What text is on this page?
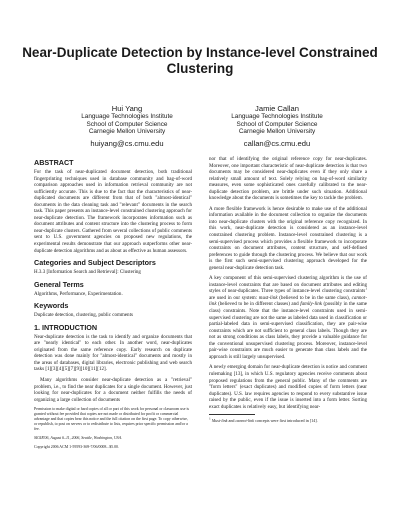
Near-Duplicate Detection by Instance-level Constrained Clustering
Hui Yang
Language Technologies Institute
School of Computer Science
Carnegie Mellon University
huiyang@cs.cmu.edu
Jamie Callan
Language Technologies Institute
School of Computer Science
Carnegie Mellon University
callan@cs.cmu.edu
ABSTRACT

For the task of near-duplicated document detection, both traditional fingerprinting techniques used in database community and bag-of-word comparison approaches used in information retrieval community are not sufficiently accurate. This is due to the fact that the characteristics of near-duplicated documents are different from that of both "almost-identical" documents in the data cleaning task and "relevant" documents in the search task. This paper presents an instance-level constrained clustering approach for near-duplicate detection. The framework incorporates information such as document attributes and content structure into the clustering process to form near-duplicate clusters. Gathered from several collections of public comments sent to U.S. government agencies on proposed new regulations, the experimental results demonstrate that our approach outperforms other near-duplicate detection algorithms and as about as effective as human assessors.

Categories and Subject Descriptors

H.3.3 [Information Search and Retrieval]: Clustering

General Terms

Algorithms, Performance, Experimentation.

Keywords

Duplicate detection, clustering, public comments

1. INTRODUCTION

Near-duplicate detection is the task to identify and organize documents that are "nearly identical" to each other. In another word, near-duplicates originated from the same reference copy. Early research on duplicate detection was done mainly for "almost-identical" documents and mostly in the areas of databases, digital libraries, electronic publishing and web search tasks [1][3][4][5][7][9][10][11][12].

Many algorithms consider near-duplicate detection as a "retrieval" problem, i.e., to find the near duplicates for a single document. However, just looking for near-duplicates for a document neither fulfills the needs of organizing a large collection of documents

Permission to make digital or hard copies of all or part of this work for personal or classroom use is granted without fee provided that copies are not made or distributed for profit or commercial advantage and that copies bear this notice and the full citation on the first page. To copy otherwise, or republish, to post on servers or to redistribute to lists, requires prior specific permission and/or a fee.

SIGIR'06, August 6–11, 2006, Seattle, Washington, USA.

Copyright 2006 ACM 1-59593-369-7/06/0008...$5.00.

nor that of identifying the original reference copy for near-duplicates. Moreover, one important characteristic of near-duplicate detection is that two documents may be considered near-duplicates even if they only share a relatively small amount of text. Solely relying on bag-of-word similarity measures, even some sophisticated ones carefully calibrated to the near-duplicate detection problem, are brittle under such situation. Additional knowledge about the documents is sometimes the key to tackle the problem.

A more flexible framework is hence desirable to make use of the additional information available in the document collection to organize the documents into near-duplicate clusters with the original reference copy recognized. In this work, near-duplicate detection is considered as an instance-level constrained clustering problem. Instance-level constrained clustering is a semi-supervised process which provides a flexible framework to incorporate constraints on document attributes, content structure, and self-defined preferences to guide through the clustering process. We believe that our work is the first such semi-supervised clustering approach developed for the general near-duplicate detection task.

A key component of this semi-supervised clustering algorithm is the use of instance-level constraints that are based on document attributes and editing styles of near-duplicates. Three types of instance-level clustering constraints$^1$ are used in our system: must-link (believed to be in the same class), cannot-link (believed to be in different classes) and family-link (possibly in the same class) constraints. Note that the instance-level constraints used in semi-supervised clustering are not the same as labeled data used in classification or partial-labeled data in semi-supervised classification, they are pair-wise constraints which are not sufficient to general class labels. Though they are not as strong conditions as class labels, they provide a valuable guidance for the conventional unsupervised clustering process. Moreover, instance-level pair-wise constraints are much easier to generate than class labels and the approach is still largely unsupervised.

A newly emerging domain for near-duplicate detection is notice and comment rulemaking [13], in which U.S. regulatory agencies receive comments about proposed regulations from the general public. Many of the comments are "form letters" (exact duplicates) and modified copies of form letters (near duplicates). U.S. law requires agencies to respond to every substantive issue raised by the public, even if the issue is inserted into a form letter. Sorting exact duplicates is relatively easy, but identifying near-

$^1$ Must-link and cannot-link concepts were first introduced in [14].
